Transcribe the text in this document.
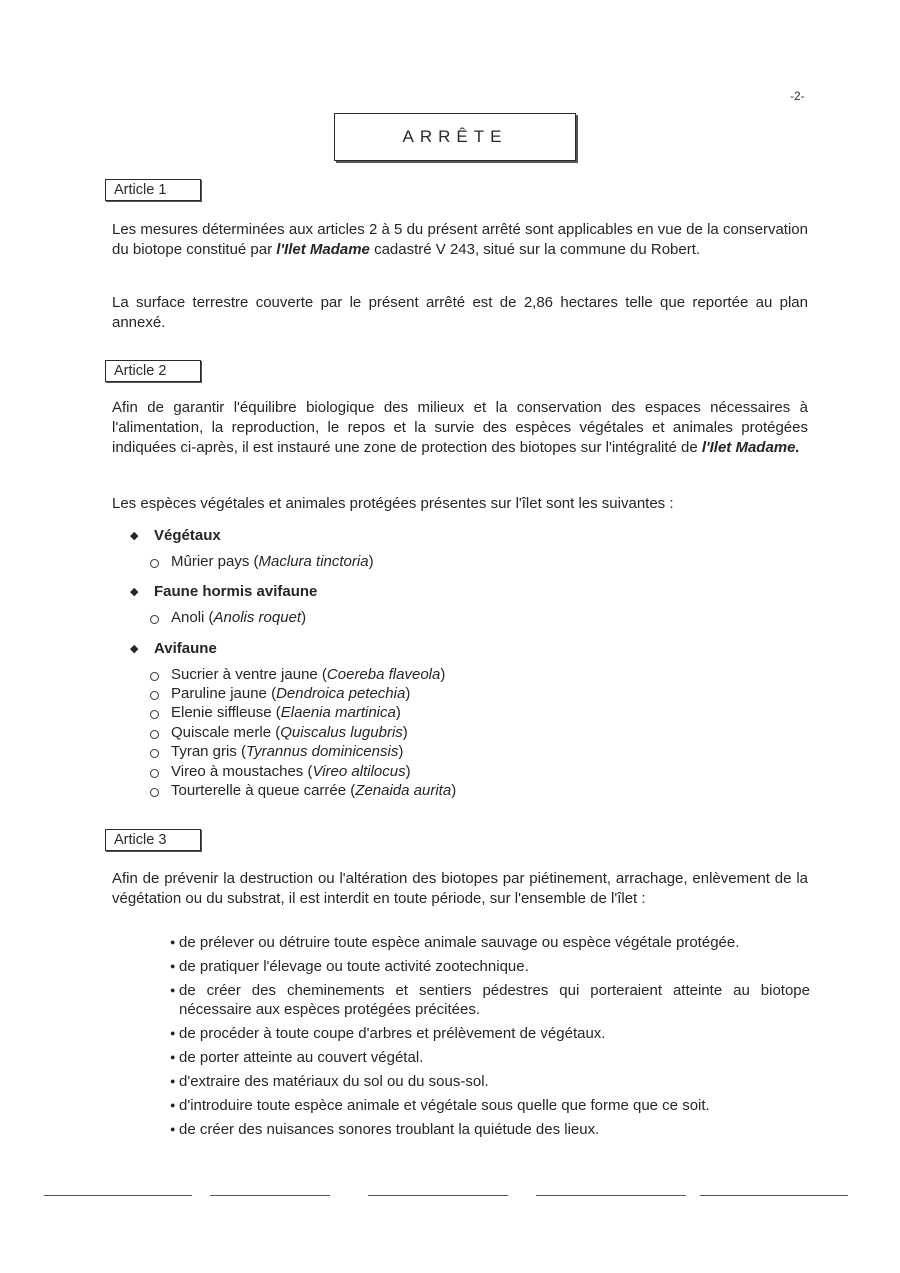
-2-
ARRÊTE
Article 1
Les mesures déterminées aux articles 2 à 5 du présent arrêté sont applicables en vue de la conservation du biotope constitué par l'Ilet Madame cadastré V 243, situé sur la commune du Robert.
La surface terrestre couverte par le présent arrêté est de 2,86 hectares telle que reportée au plan annexé.
Article 2
Afin de garantir l'équilibre biologique des milieux et la conservation des espaces nécessaires à l'alimentation, la reproduction, le repos et la survie des espèces végétales et animales protégées indiquées ci-après, il est instauré une zone de protection des biotopes sur l'intégralité de l'Ilet Madame.
Les espèces végétales et animales protégées présentes sur l'îlet sont les suivantes :
◆	Végétaux
Mûrier pays ( Maclura tinctoria )
◆	Faune hormis avifaune
Anoli ( Anolis roquet )
◆	Avifaune
Sucrier à ventre jaune ( Coereba flaveola )
Paruline jaune ( Dendroica petechia )
Elenie siffleuse ( Elaenia martinica )
Quiscale merle ( Quiscalus lugubris )
Tyran gris ( Tyrannus dominicensis )
Vireo à moustaches ( Vireo altilocus )
Tourterelle à queue carrée ( Zenaida aurita )
Article 3
Afin de prévenir la destruction ou l'altération des biotopes par piétinement, arrachage, enlèvement de la végétation ou du substrat, il est interdit en toute période, sur l'ensemble de l'îlet :
● de prélever ou détruire toute espèce animale sauvage ou espèce végétale protégée.
● de pratiquer l'élevage ou toute activité zootechnique.
● de créer des cheminements et sentiers pédestres qui porteraient atteinte au biotope nécessaire aux espèces protégées précitées.
● de procéder à toute coupe d'arbres et prélèvement de végétaux.
● de porter atteinte au couvert végétal.
● d'extraire des matériaux du sol ou du sous-sol.
● d'introduire toute espèce animale et végétale sous quelle que forme que ce soit.
● de créer des nuisances sonores troublant la quiétude des lieux.
